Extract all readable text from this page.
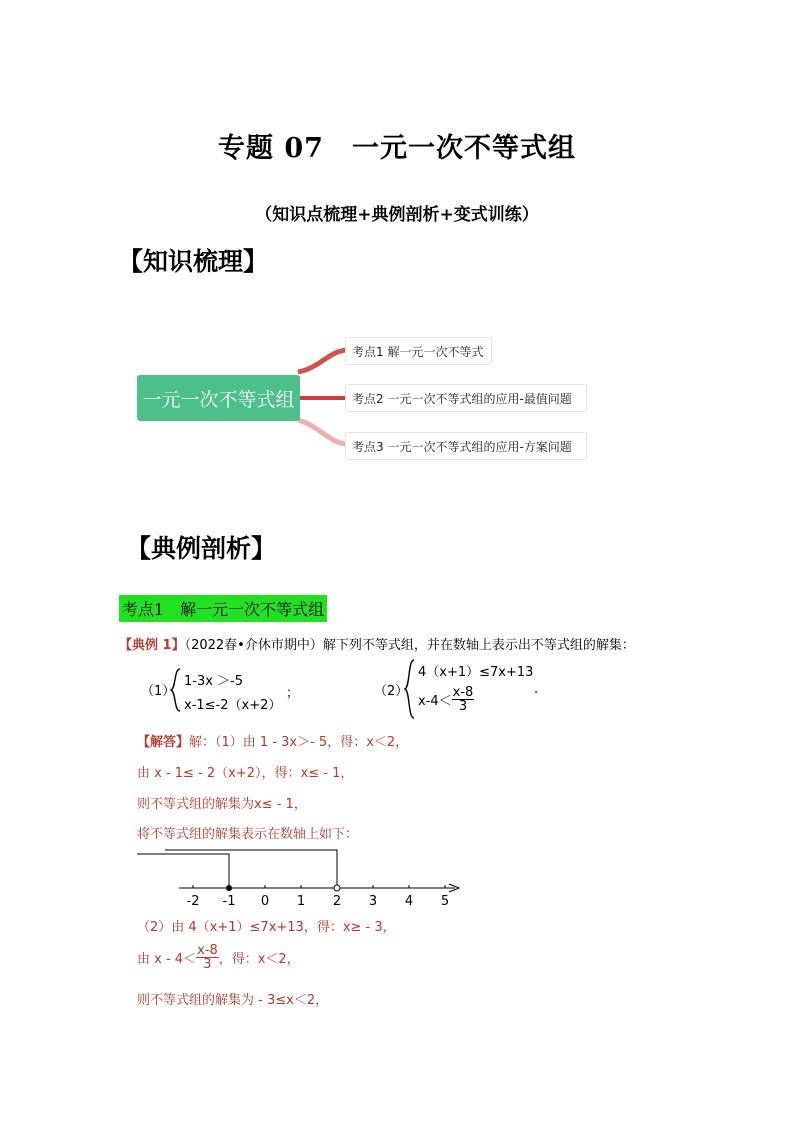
专题 07　一元一次不等式组
（知识点梳理+典例剖析+变式训练）
【知识梳理】
一元一次不等式组
考点1 解一元一次不等式
考点2 一元一次不等式组的应用-最值问题
考点3 一元一次不等式组的应用-方案问题
【典例剖析】
考点1　解一元一次不等式组
【典例 1】（2022春•介休市期中）解下列不等式组，并在数轴上表示出不等式组的解集：
（1）
1-3x ＞-5
x-1≤-2（x+2）
；	（2）
4（x+1）≤7x+13
$x-4< \frac{x-8}{3}$	.
【解答】解：（1）由 1 - 3x＞- 5，得：x＜2，
由 x - 1≤ - 2（x+2），得：x≤ - 1，
则不等式组的解集为x≤ - 1，
将不等式组的解集表示在数轴上如下：
-2 -1 0 1 2 3 4 5
（2）由 4（x+1）≤7x+13，得：x≥ - 3，
由 $x - 4< \frac{x-8}{3}$ ，得： x＜2，
则不等式组的解集为 - 3≤x＜2，
